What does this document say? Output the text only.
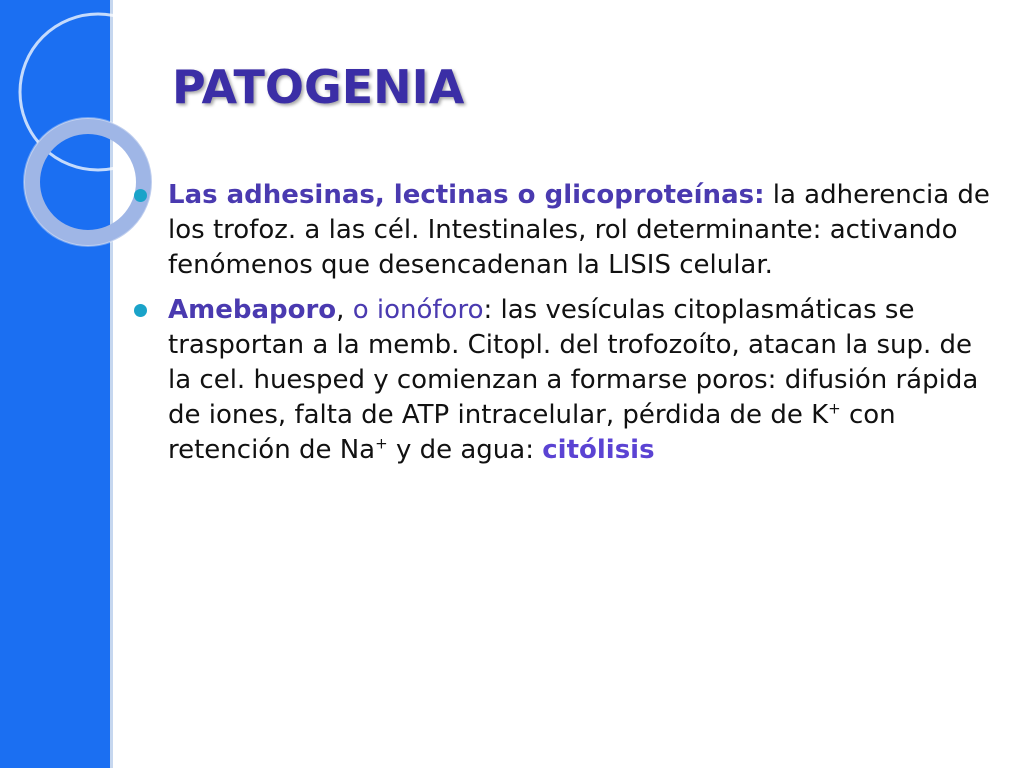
PATOGENIA
Las adhesinas, lectinas o glicoproteínas: la adherencia de los trofoz. a las cél. Intestinales, rol determinante: activando fenómenos que desencadenan la LISIS celular.
Amebaporo, o ionóforo: las vesículas citoplasmáticas se trasportan a la memb. Citopl. del trofozoíto, atacan la sup. de la cel. huesped y comienzan a formarse poros: difusión rápida de iones, falta de ATP intracelular, pérdida de de K+ con retención de Na+ y de agua: citólisis
